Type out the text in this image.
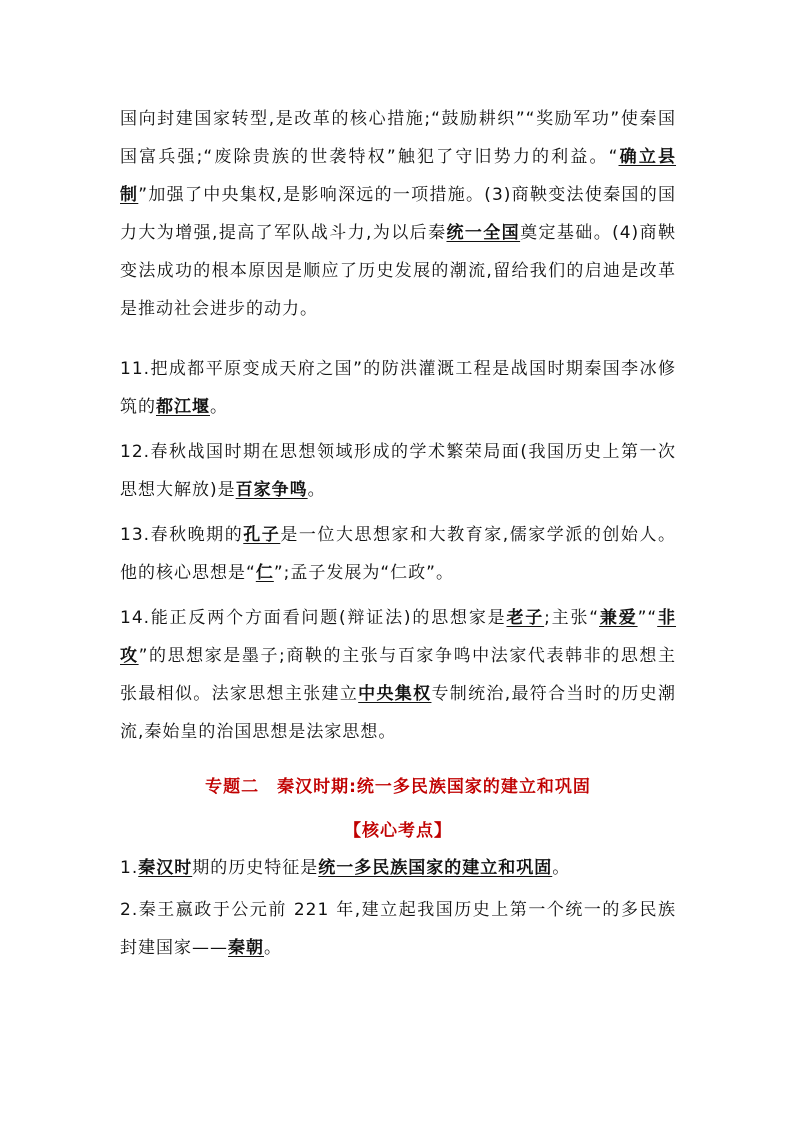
国向封建国家转型,是改革的核心措施;“鼓励耕织”“奖励军功”使秦国国富兵强;“废除贵族的世袭特权”触犯了守旧势力的利益。“确立县制”加强了中央集权,是影响深远的一项措施。(3)商鞅变法使秦国的国力大为增强,提高了军队战斗力,为以后秦统一全国奠定基础。(4)商鞅变法成功的根本原因是顺应了历史发展的潮流,留给我们的启迪是改革是推动社会进步的动力。
11.把成都平原变成天府之国”的防洪灌溉工程是战国时期秦国李冰修筑的都江堰。
12.春秋战国时期在思想领域形成的学术繁荣局面(我国历史上第一次思想大解放)是百家争鸣。
13.春秋晚期的孔子是一位大思想家和大教育家,儒家学派的创始人。他的核心思想是“仁”;孟子发展为“仁政”。
14.能正反两个方面看问题(辩证法)的思想家是老子;主张“兼爱”“非攻”的思想家是墨子;商鞅的主张与百家争鸣中法家代表韩非的思想主张最相似。法家思想主张建立中央集权专制统治,最符合当时的历史潮流,秦始皇的治国思想是法家思想。
专题二　秦汉时期:统一多民族国家的建立和巩固
【核心考点】
1.秦汉时期的历史特征是统一多民族国家的建立和巩固。
2.秦王嬴政于公元前 221 年,建立起我国历史上第一个统一的多民族封建国家——秦朝。
